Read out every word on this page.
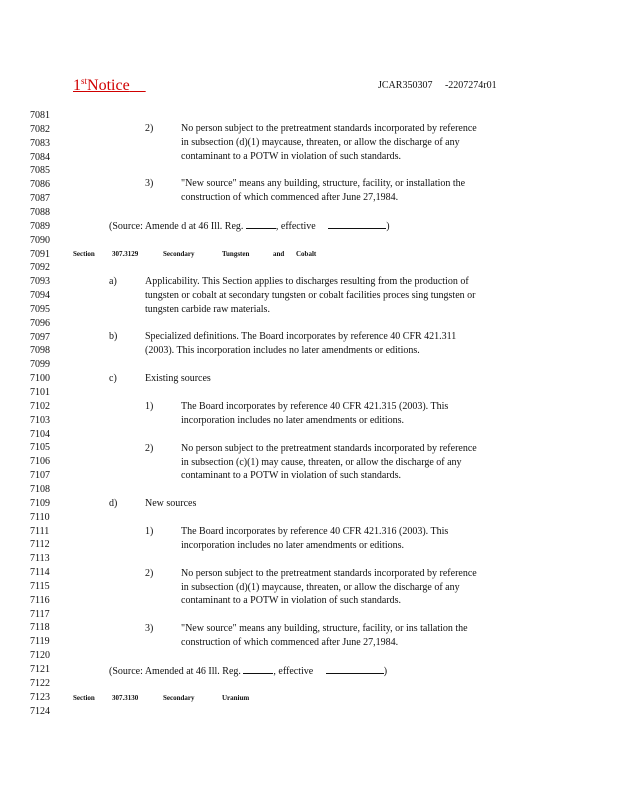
1stNotice	JCAR350307     -2207274r01
7081
7082
7083
7084
7085
7086
7087
7088
7089
7090
7091
7092
7093
7094
7095
7096
7097
7098
7099
7100
7101
7102
7103
7104
7105
7106
7107
7108
7109
7110
7111
7112
7113
7114
7115
7116
7117
7118
7119
7120
7121
7122
7123
7124
2)	No person subject to the pretreatment standards incorporated by reference
in subsection (d)(1) maycause, threaten, or allow the discharge of any
contaminant to a POTW in violation of such standards.
3)	"New source" means any building, structure, facility, or installation the
construction of which commenced after June 27,1984.
(Source: Amende d at 46 Ill. Reg.	, effective	)
Section 307.3129	Secondary	Tungsten	and Cobalt
a)	Applicability. This Section applies to discharges resulting from the production of
tungsten or cobalt at secondary tungsten or cobalt facilities proces sing tungsten or
tungsten carbide raw materials.
b)	Specialized definitions. The Board incorporates by reference 40 CFR 421.311
(2003). This incorporation includes no later amendments or editions.
c)	Existing sources
1)	The Board incorporates by reference 40 CFR 421.315 (2003). This
incorporation includes no later amendments or editions.
2)	No person subject to the pretreatment standards incorporated by reference
in subsection (c)(1) may cause, threaten, or allow the discharge of any
contaminant to a POTW in violation of such standards.
d)	New sources
1)	The Board incorporates by reference 40 CFR 421.316 (2003). This
incorporation includes no later amendments or editions.
2)	No person subject to the pretreatment standards incorporated by reference
in subsection (d)(1) maycause, threaten, or allow the discharge of any
contaminant to a POTW in violation of such standards.
3)	"New source" means any building, structure, facility, or ins tallation the
construction of which commenced after June 27,1984.
(Source: Amended at 46 Ill. Reg.	, effective	)
Section 307.3130	Secondary	Uranium
